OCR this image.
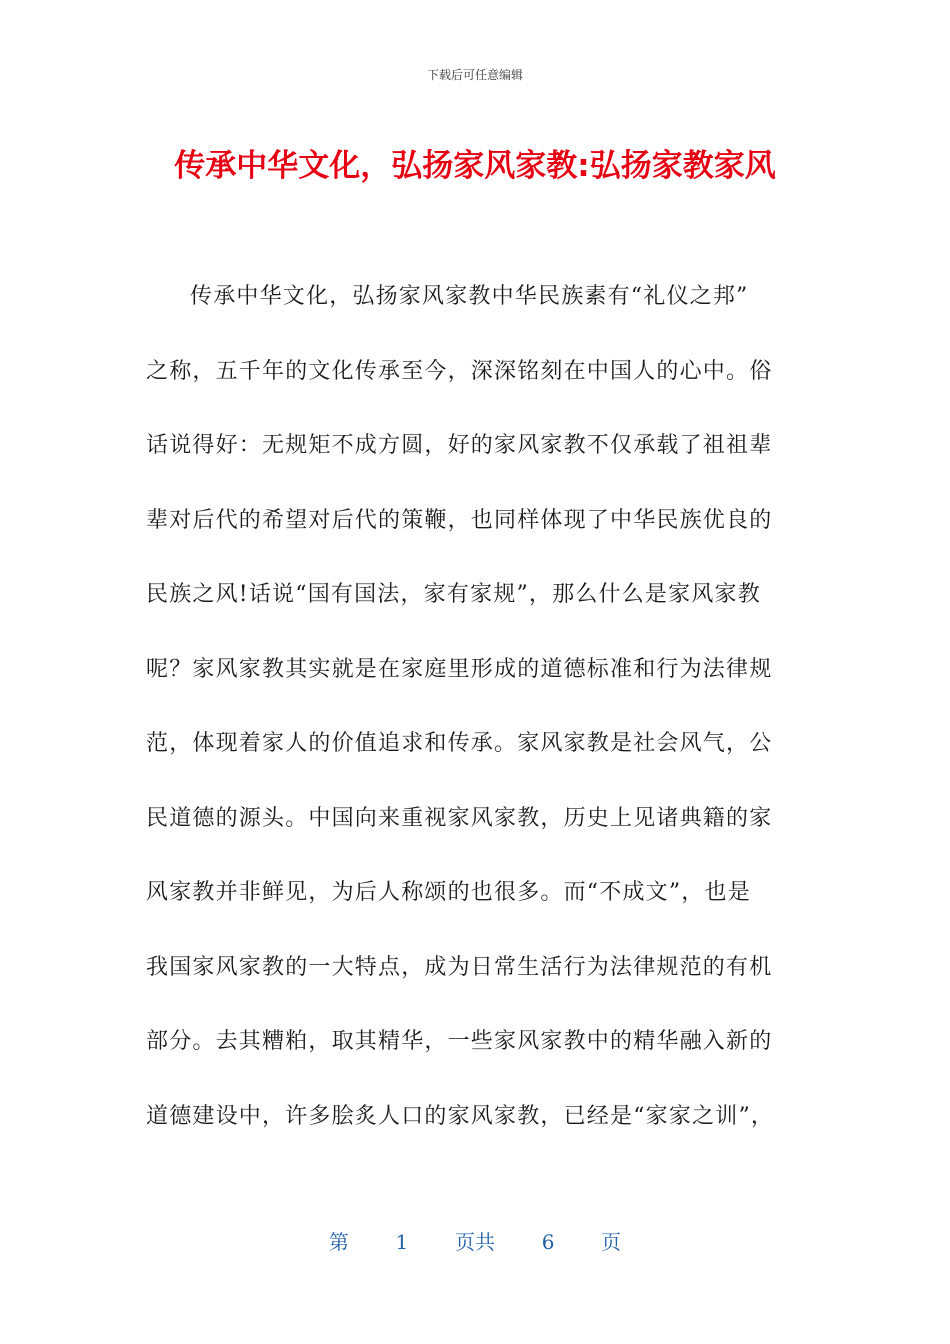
下载后可任意编辑
传承中华文化，弘扬家风家教:弘扬家教家风
传承中华文化，弘扬家风家教中华民族素有“礼仪之邦”
之称，五千年的文化传承至今，深深铭刻在中国人的心中。俗
话说得好：无规矩不成方圆，好的家风家教不仅承载了祖祖辈
辈对后代的希望对后代的策鞭，也同样体现了中华民族优良的
民族之风!话说“国有国法，家有家规”，那么什么是家风家教
呢？家风家教其实就是在家庭里形成的道德标准和行为法律规
范，体现着家人的价值追求和传承。家风家教是社会风气，公
民道德的源头。中国向来重视家风家教，历史上见诸典籍的家
风家教并非鲜见，为后人称颂的也很多。而“不成文”，也是
我国家风家教的一大特点，成为日常生活行为法律规范的有机
部分。去其糟粕，取其精华，一些家风家教中的精华融入新的
道德建设中，许多脍炙人口的家风家教，已经是“家家之训”，
第 1 页共 6 页
